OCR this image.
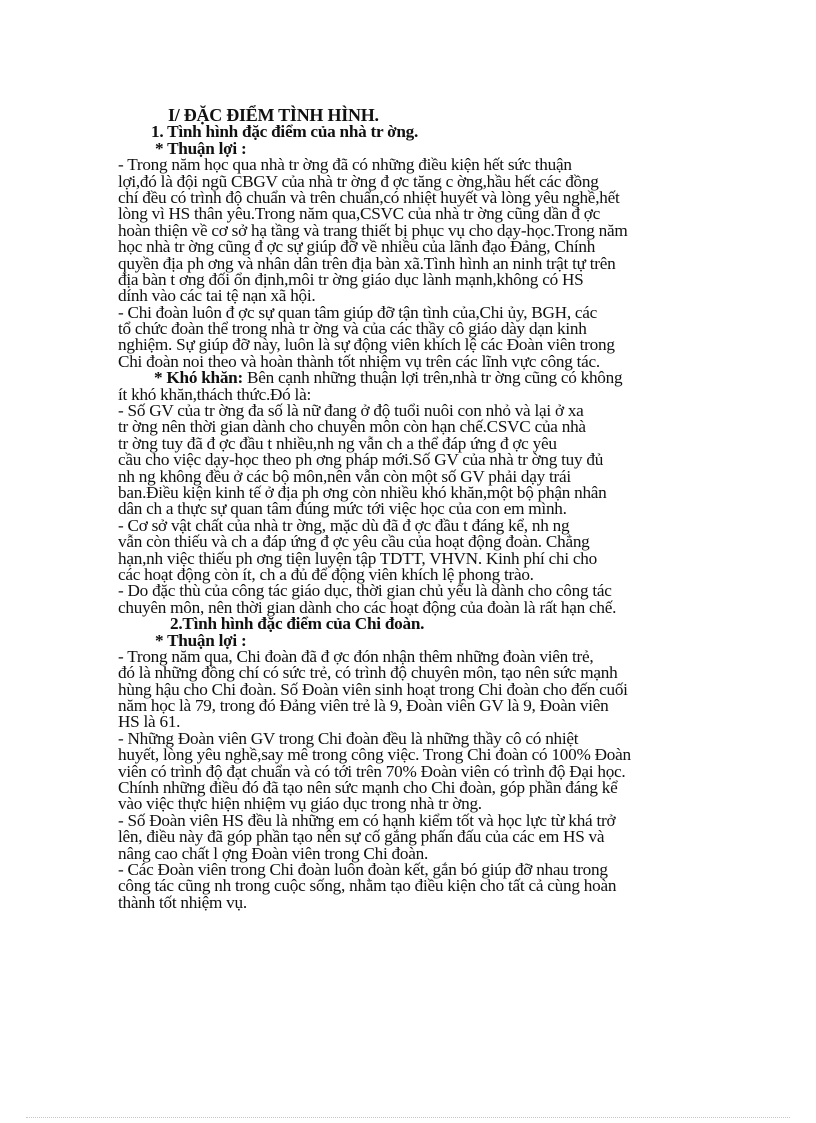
I/ ĐẶC ĐIỂM TÌNH HÌNH.
1. Tình hình đặc điểm của nhà tr ờng.
* Thuận lợi :
- Trong năm học qua nhà tr ờng đã có những điều kiện hết sức thuận
lợi,đó là đội ngũ CBGV của nhà tr ờng đ ợc tăng c ờng,hầu hết các đồng
chí đều có trình độ chuẩn và trên chuẩn,có nhiệt huyết và lòng yêu nghề,hết
lòng vì HS thân yêu.Trong năm qua,CSVC của nhà tr ờng cũng dần đ ợc
hoàn thiện về cơ sở hạ tầng và trang thiết bị phục vụ cho dạy-học.Trong năm
học nhà tr ờng cũng đ ợc sự giúp đỡ về nhiều của lãnh đạo Đảng, Chính
quyền địa ph ơng và nhân dân trên địa bàn xã.Tình hình an ninh trật tự trên
địa bàn t ơng đối ổn định,môi tr ờng giáo dục lành mạnh,không có HS
dính vào các tai tệ nạn xã hội.
- Chi đoàn luôn đ ợc sự quan tâm giúp đỡ tận tình của,Chi ủy, BGH, các
tổ chức đoàn thể trong nhà tr ờng và của các thầy cô giáo dày dạn kinh
nghiệm. Sự giúp đỡ này, luôn là sự động viên khích lệ các Đoàn viên trong
Chi đoàn noi theo và hoàn thành tốt nhiệm vụ trên các lĩnh vực công tác.
* Khó khăn: Bên cạnh những thuận lợi trên,nhà tr ờng cũng có không
ít khó khăn,thách thức.Đó là:
- Số GV của tr ờng đa số là nữ đang ở độ tuổi nuôi con nhỏ và lại ở xa
tr ờng nên thời gian dành cho chuyên môn còn hạn chế.CSVC của nhà
tr ờng tuy đã đ ợc đầu t nhiều,nh ng vẫn ch a thể đáp ứng đ ợc yêu
cầu cho việc dạy-học theo ph ơng pháp mới.Số GV của nhà tr ờng tuy đủ
nh ng không đều ở các bộ môn,nên vẫn còn một số GV phải dạy trái
ban.Điều kiện kinh tế ở địa ph ơng còn nhiều khó khăn,một bộ phận nhân
dân ch a thực sự quan tâm đúng mức tới việc học của con em mình.
- Cơ sở vật chất của nhà tr ờng, mặc dù đã đ ợc đầu t đáng kể, nh ng
vẫn còn thiếu và ch a đáp ứng đ ợc yêu cầu của hoạt động đoàn. Chẳng
hạn,nh việc thiếu ph ơng tiện luyện tập TDTT, VHVN. Kinh phí chi cho
các hoạt động còn ít, ch a đủ để động viên khích lệ phong trào.
- Do đặc thù của công tác giáo dục, thời gian chủ yếu là dành cho công tác
chuyên môn, nên thời gian dành cho các hoạt động của đoàn là rất hạn chế.
2.Tình hình đặc điểm của Chi đoàn.
* Thuận lợi :
- Trong năm qua, Chi đoàn đã đ ợc đón nhận thêm những đoàn viên trẻ,
đó là những đồng chí có sức trẻ, có trình độ chuyên môn, tạo nên sức mạnh
hùng hậu cho Chi đoàn. Số Đoàn viên sinh hoạt trong Chi đoàn cho đến cuối
năm học là 79, trong đó Đảng viên trẻ là 9, Đoàn viên GV là 9, Đoàn viên
HS là 61.
- Những Đoàn viên GV trong Chi đoàn đều là những thầy cô có nhiệt
huyết, lòng yêu nghề,say mê trong công việc. Trong Chi đoàn có 100% Đoàn
viên có trình độ đạt chuẩn và có tới trên 70% Đoàn viên có trình độ Đại học.
Chính những điều đó đã tạo nên sức mạnh cho Chi đoàn, góp phần đáng kể
vào việc thực hiện nhiệm vụ giáo dục trong nhà tr ờng.
- Số Đoàn viên HS đều là những em có hạnh kiểm tốt và học lực từ khá trở
lên, điều này đã góp phần tạo nên sự cố gắng phấn đấu của các em HS và
nâng cao chất l ợng Đoàn viên trong Chi đoàn.
- Các Đoàn viên trong Chi đoàn luôn đoàn kết, gắn bó giúp đỡ nhau trong
công tác cũng nh trong cuộc sống, nhằm tạo điều kiện cho tất cả cùng hoàn
thành tốt nhiệm vụ.
